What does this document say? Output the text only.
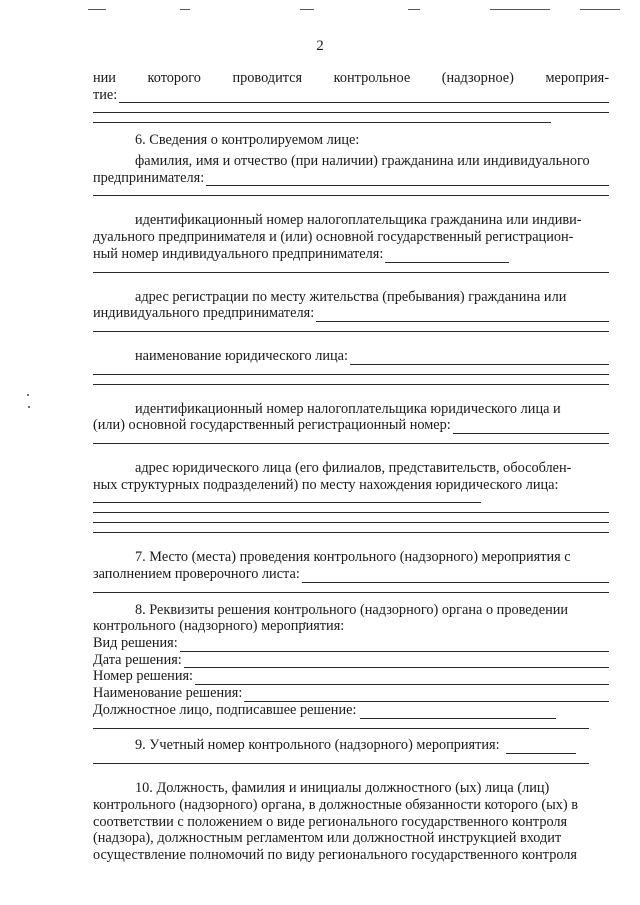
2
нии которого проводится контрольное (надзорное) мероприя-
тие:
6. Сведения о контролируемом лице:
фамилия, имя и отчество (при наличии) гражданина или индивидуального
предпринимателя:
идентификационный номер налогоплательщика гражданина или индиви-
дуального предпринимателя и (или) основной государственный регистрацион-
ный номер индивидуального предпринимателя:
адрес регистрации по месту жительства (пребывания) гражданина или
индивидуального предпринимателя:
наименование юридического лица:
идентификационный номер налогоплательщика юридического лица и
(или) основной государственный регистрационный номер:
адрес юридического лица (его филиалов, представительств, обособлен-
ных структурных подразделений) по месту нахождения юридического лица:
7. Место (места) проведения контрольного (надзорного) мероприятия с
заполнением проверочного листа:
8. Реквизиты решения контрольного (надзорного) органа о проведении
контрольного (надзорного) мероприятия:
Вид решения:
Дата решения:
Номер решения:
Наименование решения:
Должностное лицо, подписавшее решение:
9. Учетный номер контрольного (надзорного) мероприятия:
10. Должность, фамилия и инициалы должностного (ых) лица (лиц)
контрольного (надзорного) органа, в должностные обязанности которого (ых) в
соответствии с положением о виде регионального государственного контроля
(надзора), должностным регламентом или должностной инструкцией входит
осуществление полномочий по виду регионального государственного контроля
